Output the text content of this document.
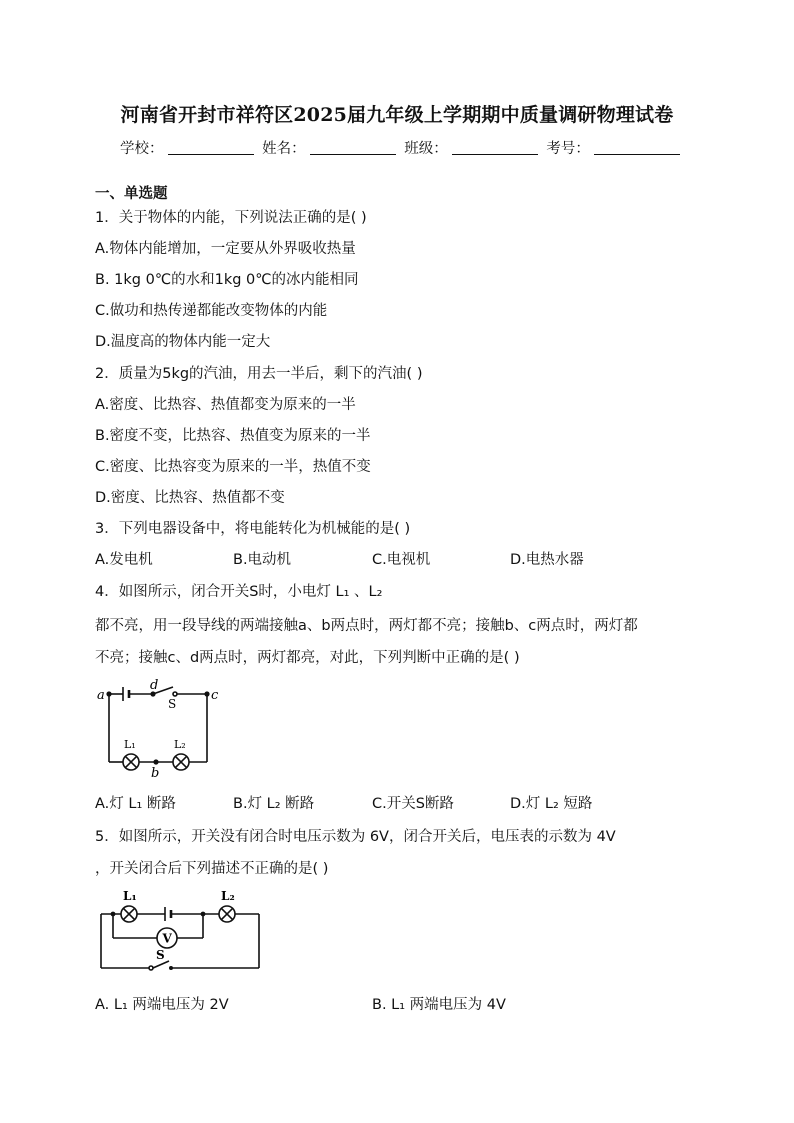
河南省开封市祥符区2025届九年级上学期期中质量调研物理试卷
学校：	姓名：	班级：	考号：
一、单选题
1．关于物体的内能，下列说法正确的是( )
A.物体内能增加，一定要从外界吸收热量
B. 1kg 0℃的水和1kg 0℃的冰内能相同
C.做功和热传递都能改变物体的内能
D.温度高的物体内能一定大
2．质量为5kg的汽油，用去一半后，剩下的汽油( )
A.密度、比热容、热值都变为原来的一半
B.密度不变，比热容、热值变为原来的一半
C.密度、比热容变为原来的一半，热值不变
D.密度、比热容、热值都不变
3．下列电器设备中，将电能转化为机械能的是( )
A.发电机	B.电动机	C.电视机	D.电热水器
4．如图所示，闭合开关S时，小电灯 L₁ 、L₂
都不亮，用一段导线的两端接触a、b两点时，两灯都不亮；接触b、c两点时，两灯都
不亮；接触c、d两点时，两灯都亮，对此，下列判断中正确的是( )
a
d
c
S
L₁	L₂
b
A.灯 L₁ 断路	B.灯 L₂ 断路	C.开关S断路	D.灯 L₂ 短路
5．如图所示，开关没有闭合时电压示数为 6V，闭合开关后，电压表的示数为 4V
，开关闭合后下列描述不正确的是( )
L₁	L₂
V
S
A. L₁ 两端电压为 2V	B. L₁ 两端电压为 4V
